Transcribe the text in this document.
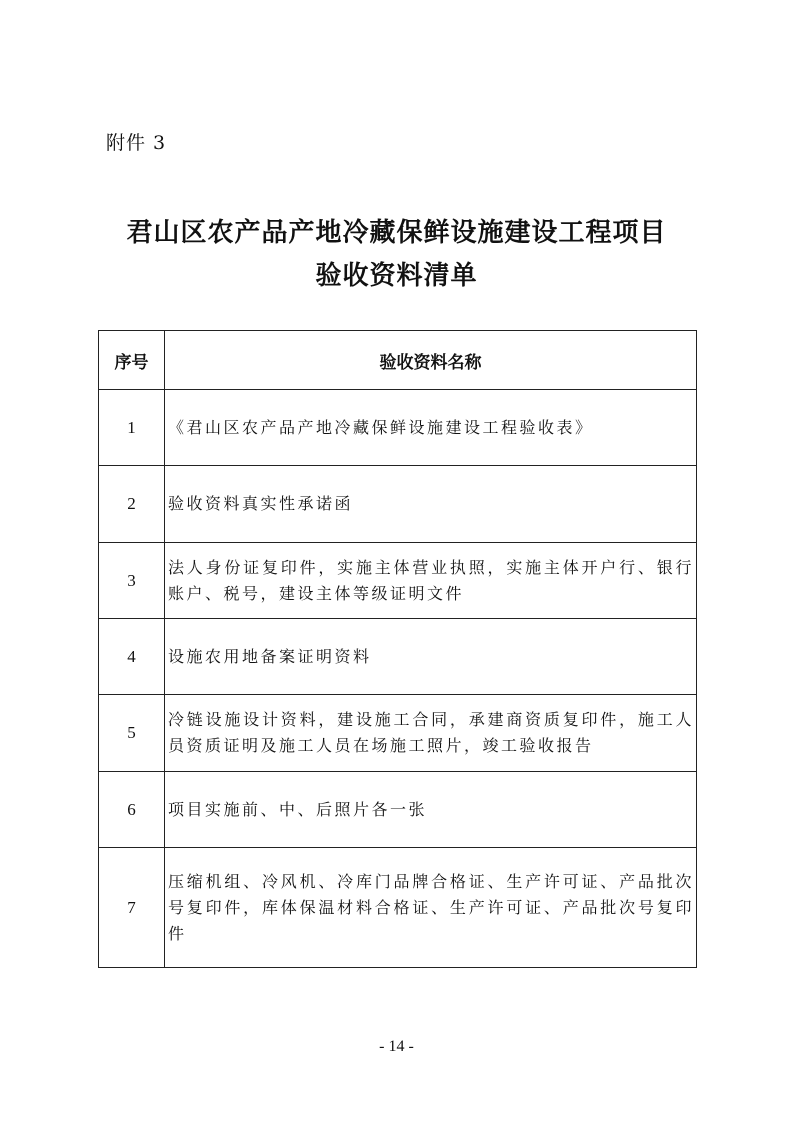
附件 3
君山区农产品产地冷藏保鲜设施建设工程项目
验收资料清单
序号	验收资料名称
1	《君山区农产品产地冷藏保鲜设施建设工程验收表》
2	验收资料真实性承诺函
3	法人身份证复印件，实施主体营业执照，实施主体开户行、银行账户、税号，建设主体等级证明文件
4	设施农用地备案证明资料
5	冷链设施设计资料，建设施工合同，承建商资质复印件，施工人员资质证明及施工人员在场施工照片，竣工验收报告
6	项目实施前、中、后照片各一张
7	压缩机组、冷风机、冷库门品牌合格证、生产许可证、产品批次号复印件，库体保温材料合格证、生产许可证、产品批次号复印件
- 14 -
